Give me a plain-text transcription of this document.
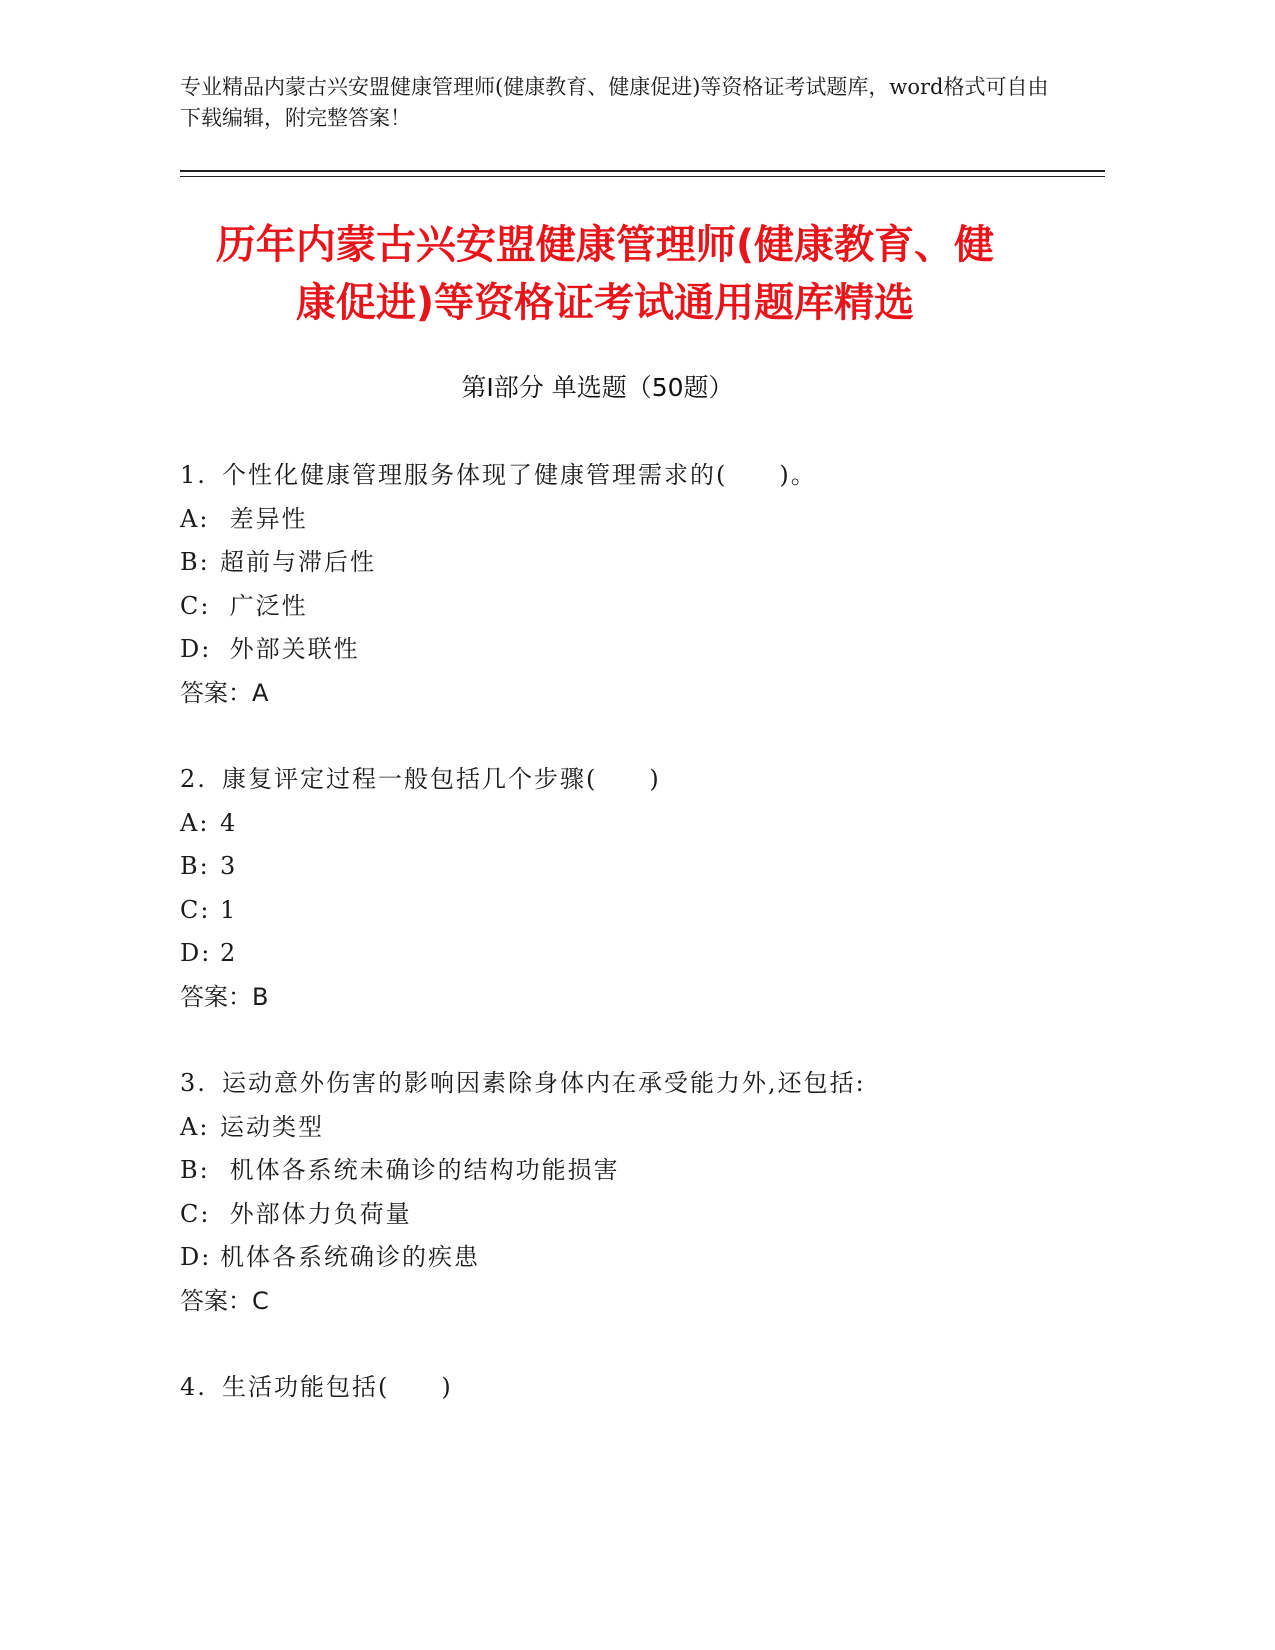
专业精品内蒙古兴安盟健康管理师(健康教育、健康促进)等资格证考试题库，word格式可自由下载编辑，附完整答案！
历年内蒙古兴安盟健康管理师(健康教育、健
康促进)等资格证考试通用题库精选
第Ⅰ部分 单选题（50题）
1. 个性化健康管理服务体现了健康管理需求的(　　)。
A: 差异性
B: 超前与滞后性
C: 广泛性
D: 外部关联性
答案：A
2. 康复评定过程一般包括几个步骤(　　)
A: 4
B: 3
C: 1
D: 2
答案：B
3. 运动意外伤害的影响因素除身体内在承受能力外,还包括:
A: 运动类型
B: 机体各系统未确诊的结构功能损害
C: 外部体力负荷量
D: 机体各系统确诊的疾患
答案：C
4. 生活功能包括(　　)
